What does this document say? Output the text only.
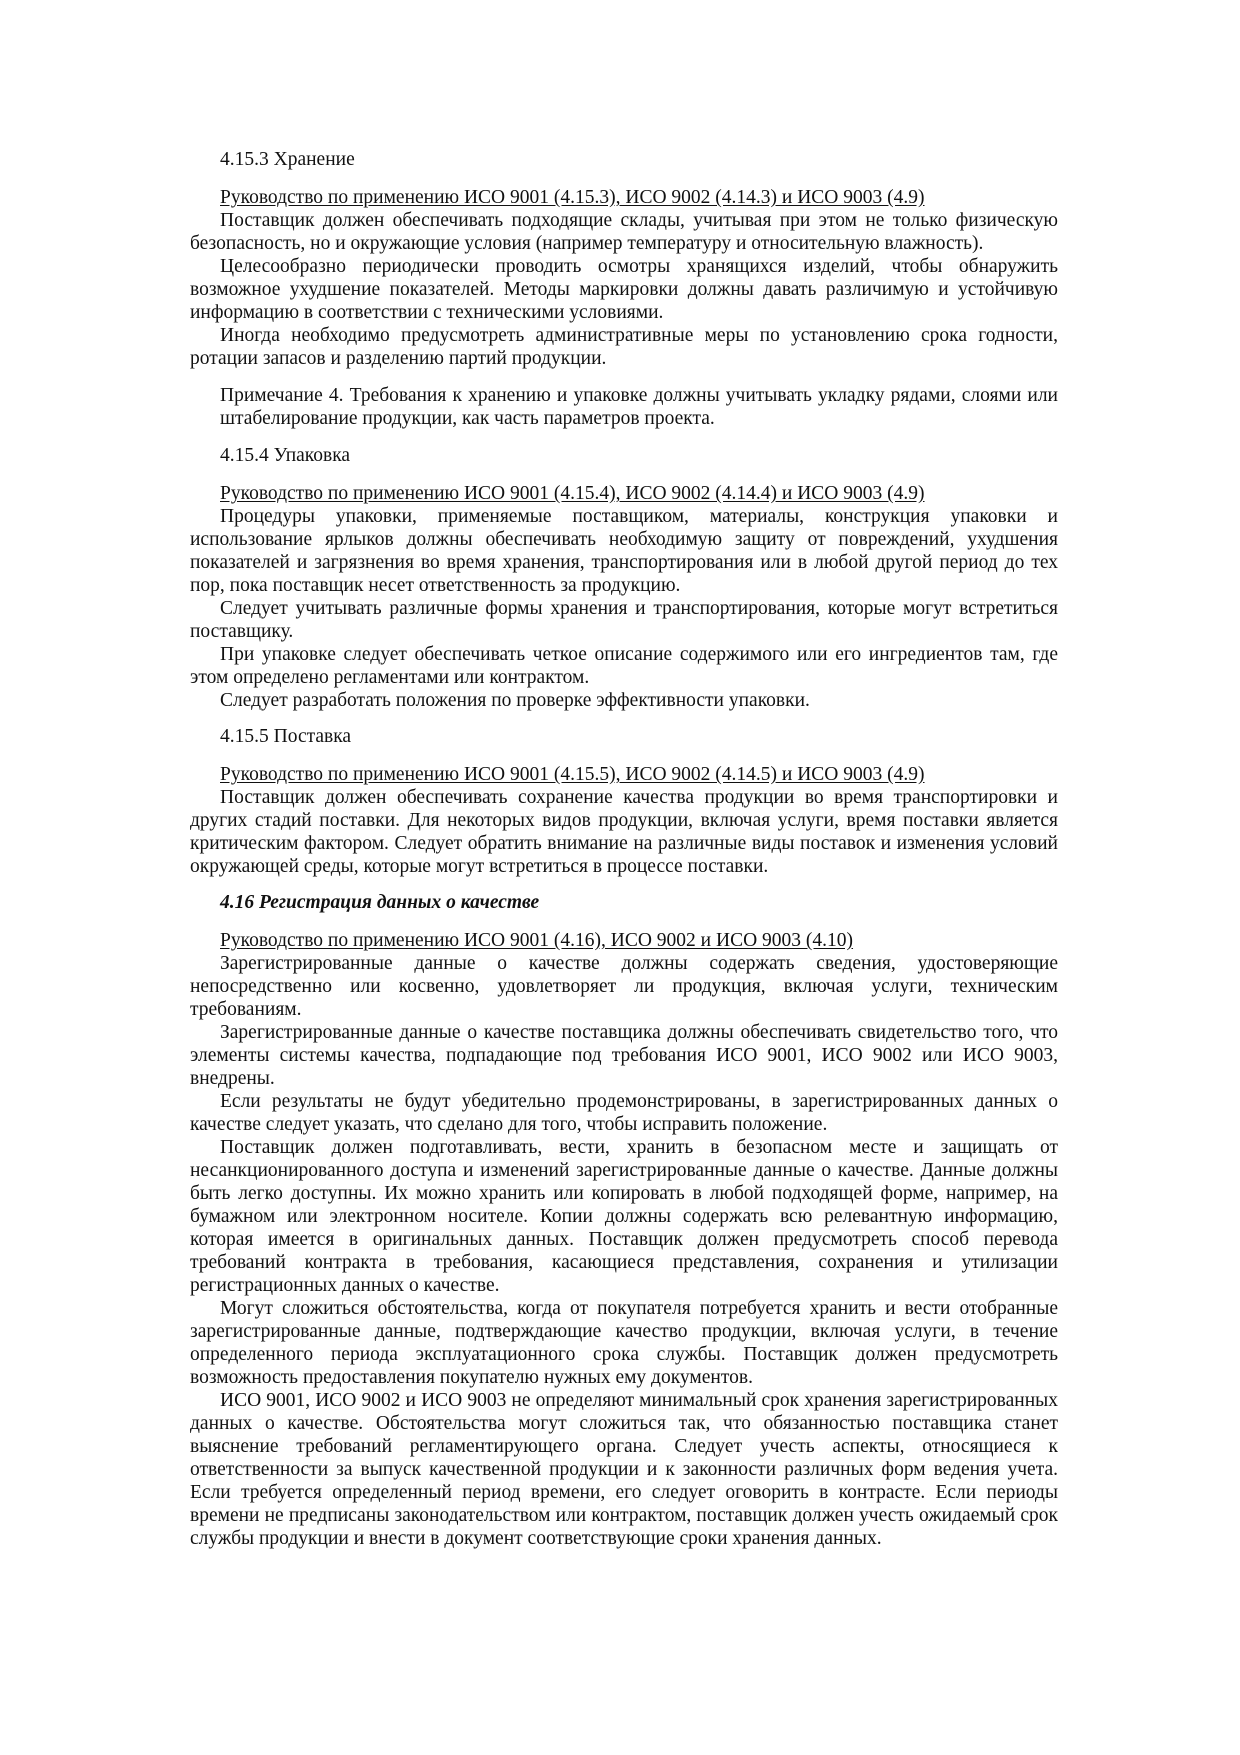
4.15.3 Хранение

Руководство по применению ИСО 9001 (4.15.3), ИСО 9002 (4.14.3) и ИСО 9003 (4.9)

Поставщик должен обеспечивать подходящие склады, учитывая при этом не только физическую безопасность, но и окружающие условия (например температуру и относительную влажность).

Целесообразно периодически проводить осмотры хранящихся изделий, чтобы обнаружить возможное ухудшение показателей. Методы маркировки должны давать различимую и устойчивую информацию в соответствии с техническими условиями.

Иногда необходимо предусмотреть административные меры по установлению срока годности, ротации запасов и разделению партий продукции.

Примечание 4. Требования к хранению и упаковке должны учитывать укладку рядами, слоями или штабелирование продукции, как часть параметров проекта.

4.15.4 Упаковка

Руководство по применению ИСО 9001 (4.15.4), ИСО 9002 (4.14.4) и ИСО 9003 (4.9)

Процедуры упаковки, применяемые поставщиком, материалы, конструкция упаковки и использование ярлыков должны обеспечивать необходимую защиту от повреждений, ухудшения показателей и загрязнения во время хранения, транспортирования или в любой другой период до тех пор, пока поставщик несет ответственность за продукцию.

Следует учитывать различные формы хранения и транспортирования, которые могут встретиться поставщику.

При упаковке следует обеспечивать четкое описание содержимого или его ингредиентов там, где этом определено регламентами или контрактом.

Следует разработать положения по проверке эффективности упаковки.

4.15.5 Поставка

Руководство по применению ИСО 9001 (4.15.5), ИСО 9002 (4.14.5) и ИСО 9003 (4.9)

Поставщик должен обеспечивать сохранение качества продукции во время транспортировки и других стадий поставки. Для некоторых видов продукции, включая услуги, время поставки является критическим фактором. Следует обратить внимание на различные виды поставок и изменения условий окружающей среды, которые могут встретиться в процессе поставки.

4.16 Регистрация данных о качестве

Руководство по применению ИСО 9001 (4.16), ИСО 9002 и ИСО 9003 (4.10)

Зарегистрированные данные о качестве должны содержать сведения, удостоверяющие непосредственно или косвенно, удовлетворяет ли продукция, включая услуги, техническим требованиям.

Зарегистрированные данные о качестве поставщика должны обеспечивать свидетельство того, что элементы системы качества, подпадающие под требования ИСО 9001, ИСО 9002 или ИСО 9003, внедрены.

Если результаты не будут убедительно продемонстрированы, в зарегистрированных данных о качестве следует указать, что сделано для того, чтобы исправить положение.

Поставщик должен подготавливать, вести, хранить в безопасном месте и защищать от несанкционированного доступа и изменений зарегистрированные данные о качестве. Данные должны быть легко доступны. Их можно хранить или копировать в любой подходящей форме, например, на бумажном или электронном носителе. Копии должны содержать всю релевантную информацию, которая имеется в оригинальных данных. Поставщик должен предусмотреть способ перевода требований контракта в требования, касающиеся представления, сохранения и утилизации регистрационных данных о качестве.

Могут сложиться обстоятельства, когда от покупателя потребуется хранить и вести отобранные зарегистрированные данные, подтверждающие качество продукции, включая услуги, в течение определенного периода эксплуатационного срока службы. Поставщик должен предусмотреть возможность предоставления покупателю нужных ему документов.

ИСО 9001, ИСО 9002 и ИСО 9003 не определяют минимальный срок хранения зарегистрированных данных о качестве. Обстоятельства могут сложиться так, что обязанностью поставщика станет выяснение требований регламентирующего органа. Следует учесть аспекты, относящиеся к ответственности за выпуск качественной продукции и к законности различных форм ведения учета. Если требуется определенный период времени, его следует оговорить в контрасте. Если периоды времени не предписаны законодательством или контрактом, поставщик должен учесть ожидаемый срок службы продукции и внести в документ соответствующие сроки хранения данных.
